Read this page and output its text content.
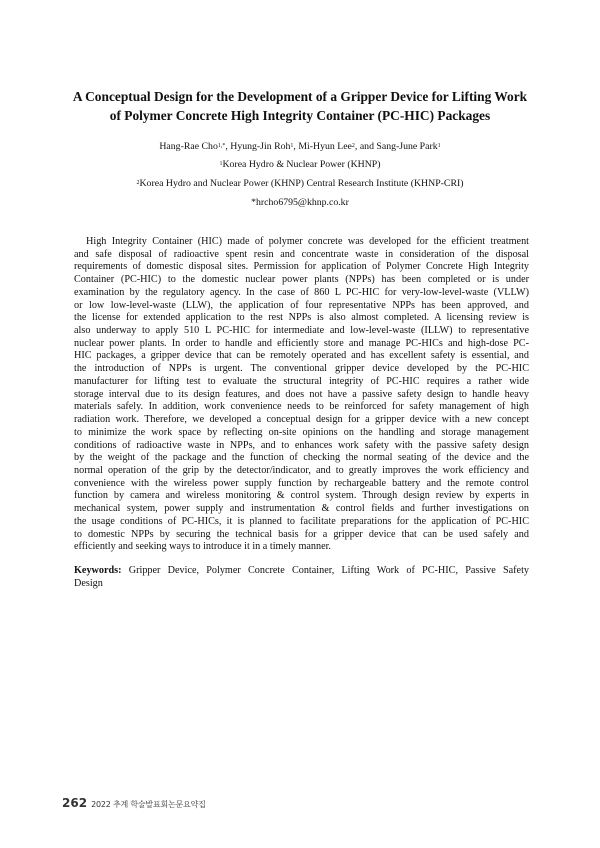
A Conceptual Design for the Development of a Gripper Device for Lifting Work
of Polymer Concrete High Integrity Container (PC-HIC) Packages
Hang-Rae Cho$^{1,*}$, Hyung-Jin Roh$^1$, Mi-Hyun Lee$^2$, and Sang-June Park$^1$
$^1$Korea Hydro & Nuclear Power (KHNP)
$^2$Korea Hydro and Nuclear Power (KHNP) Central Research Institute (KHNP-CRI)
*hrcho6795@khnp.co.kr
High Integrity Container (HIC) made of polymer concrete was developed for the efficient treatment
and safe disposal of radioactive spent resin and concentrate waste in consideration of the disposal
requirements of domestic disposal sites. Permission for application of Polymer Concrete High Integrity
Container (PC-HIC) to the domestic nuclear power plants (NPPs) has been completed or is under
examination by the regulatory agency. In the case of 860 L PC-HIC for very-low-level-waste (VLLW)
or low low-level-waste (LLW), the application of four representative NPPs has been approved, and
the license for extended application to the rest NPPs is also almost completed. A licensing review is
also underway to apply 510 L PC-HIC for intermediate and low-level-waste (ILLW) to representative
nuclear power plants. In order to handle and efficiently store and manage PC-HICs and high-dose PC-
HIC packages, a gripper device that can be remotely operated and has excellent safety is essential, and
the introduction of NPPs is urgent. The conventional gripper device developed by the PC-HIC
manufacturer for lifting test to evaluate the structural integrity of PC-HIC requires a rather wide
storage interval due to its design features, and does not have a passive safety design to handle heavy
materials safely. In addition, work convenience needs to be reinforced for safety management of high
radiation work. Therefore, we developed a conceptual design for a gripper device with a new concept
to minimize the work space by reflecting on-site opinions on the handling and storage management
conditions of radioactive waste in NPPs, and to enhances work safety with the passive safety design
by the weight of the package and the function of checking the normal seating of the device and the
normal operation of the grip by the detector/indicator, and to greatly improves the work efficiency and
convenience with the wireless power supply function by rechargeable battery and the remote control
function by camera and wireless monitoring & control system. Through design review by experts in
mechanical system, power supply and instrumentation & control fields and further investigations on
the usage conditions of PC-HICs, it is planned to facilitate preparations for the application of PC-HIC
to domestic NPPs by securing the technical basis for a gripper device that can be used safely and
efficiently and seeking ways to introduce it in a timely manner.
Keywords: Gripper Device, Polymer Concrete Container, Lifting Work of PC-HIC, Passive Safety
Design
262 2022 추계 학술발표회논문요약집
